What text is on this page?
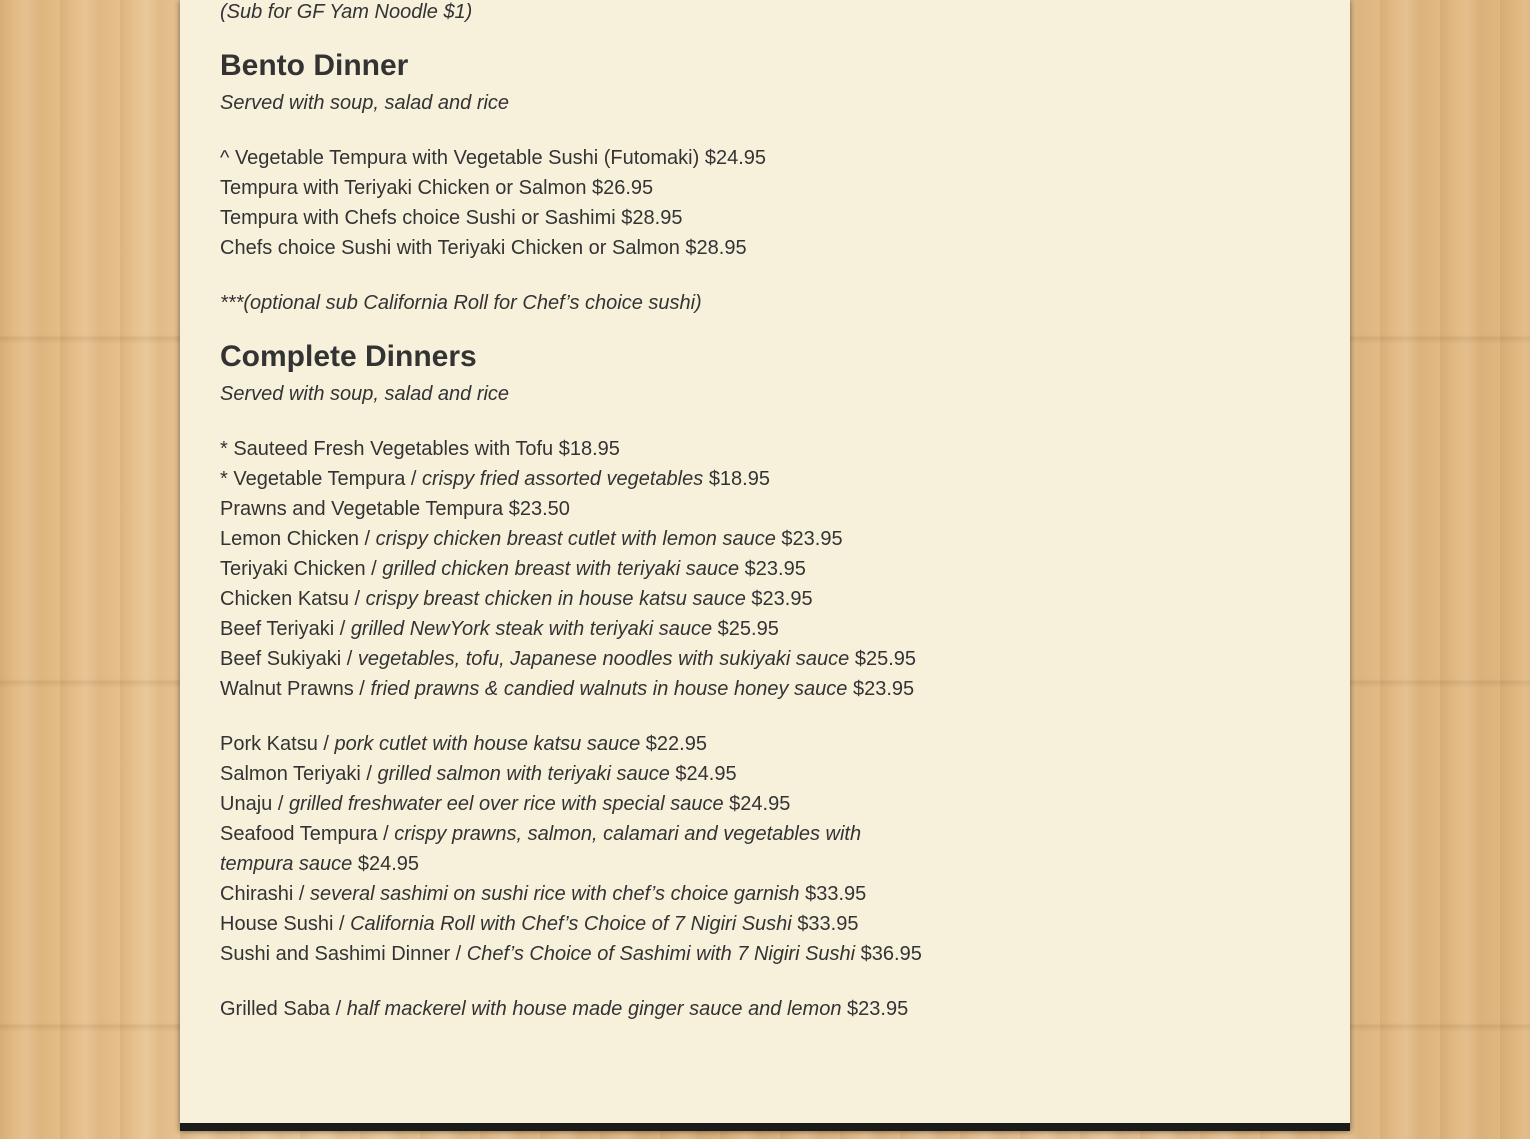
(Sub for GF Yam Noodle $1)
Bento Dinner
Served with soup, salad and rice
^ Vegetable Tempura with Vegetable Sushi (Futomaki) $24.95
Tempura with Teriyaki Chicken or Salmon $26.95
Tempura with Chefs choice Sushi or Sashimi $28.95
Chefs choice Sushi with Teriyaki Chicken or Salmon $28.95
***(optional sub California Roll for Chef’s choice sushi)
Complete Dinners
Served with soup, salad and rice
* Sauteed Fresh Vegetables with Tofu $18.95
* Vegetable Tempura / crispy fried assorted vegetables $18.95
Prawns and Vegetable Tempura $23.50
Lemon Chicken / crispy chicken breast cutlet with lemon sauce $23.95
Teriyaki Chicken / grilled chicken breast with teriyaki sauce $23.95
Chicken Katsu / crispy breast chicken in house katsu sauce $23.95
Beef Teriyaki / grilled NewYork steak with teriyaki sauce $25.95
Beef Sukiyaki / vegetables, tofu, Japanese noodles with sukiyaki sauce $25.95
Walnut Prawns / fried prawns & candied walnuts in house honey sauce $23.95
Pork Katsu / pork cutlet with house katsu sauce $22.95
Salmon Teriyaki / grilled salmon with teriyaki sauce $24.95
Unaju / grilled freshwater eel over rice with special sauce $24.95
Seafood Tempura / crispy prawns, salmon, calamari and vegetables with tempura sauce $24.95
Chirashi / several sashimi on sushi rice with chef’s choice garnish $33.95
House Sushi / California Roll with Chef’s Choice of 7 Nigiri Sushi $33.95
Sushi and Sashimi Dinner / Chef’s Choice of Sashimi with 7 Nigiri Sushi $36.95
Grilled Saba / half mackerel with house made ginger sauce and lemon $23.95
